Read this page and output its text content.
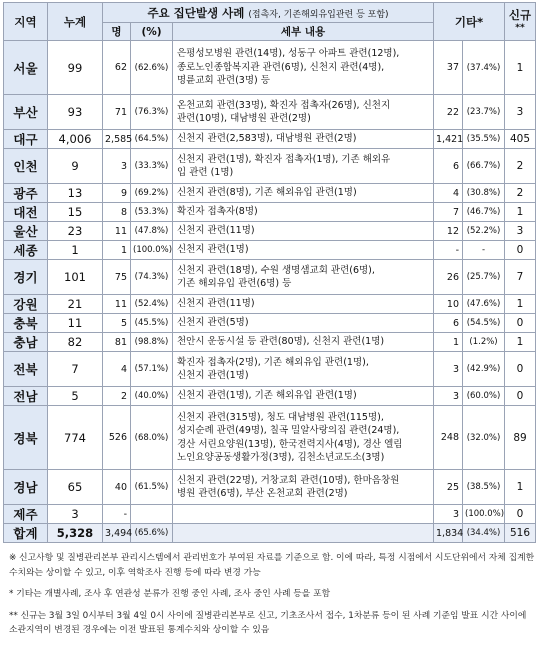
지역	누계	주요 집단발생 사례 (접촉자, 기존해외유입관련 등 포함)			기타*		신규
**

		명	(%)	세부 내용			
서울	99	62	(62.6%)	은평성모병원 관련(14명), 성동구 아파트 관련(12명),
종로노인종합복지관 관련(6명), 신천지 관련(4명),
명륜교회 관련(3명) 등	37	(37.4%)	1
부산	93	71	(76.3%)	온천교회 관련(33명), 확진자 접촉자(26명), 신천지
관련(10명), 대남병원 관련(2명)	22	(23.7%)	3
대구	4,006	2,585	(64.5%)	신천지 관련(2,583명), 대남병원 관련(2명)	1,421	(35.5%)	405
인천	9	3	(33.3%)	신천지 관련(1명), 확진자 접촉자(1명), 기존 해외유
입 관련 (1명)	6	(66.7%)	2
광주	13	9	(69.2%)	신천지 관련(8명), 기존 해외유입 관련(1명)	4	(30.8%)	2
대전	15	8	(53.3%)	확진자 접촉자(8명)	7	(46.7%)	1
울산	23	11	(47.8%)	신천지 관련(11명)	12	(52.2%)	3
세종	1	1	(100.0%)	신천지 관련(1명)	-	-	0
경기	101	75	(74.3%)	신천지 관련(18명), 수원 생명샘교회 관련(6명),
기존 해외유입 관련(6명) 등	26	(25.7%)	7
강원	21	11	(52.4%)	신천지 관련(11명)	10	(47.6%)	1
충북	11	5	(45.5%)	신천지 관련(5명)	6	(54.5%)	0
충남	82	81	(98.8%)	천안시 운동시설 등 관련(80명), 신천지 관련(1명)	1	(1.2%)	1
전북	7	4	(57.1%)	확진자 접촉자(2명), 기존 해외유입 관련(1명),
신천지 관련(1명)	3	(42.9%)	0
전남	5	2	(40.0%)	신천지 관련(1명), 기존 해외유입 관련(1명)	3	(60.0%)	0
경북	774	526	(68.0%)	신천지 관련(315명), 청도 대남병원 관련(115명),
성지순례 관련(49명), 칠곡 밀알사랑의집 관련(24명),
경산 서린요양원(13명), 한국전력지사(4명), 경산 엘림
노인요양공동생활가정(3명), 김천소년교도소(3명)	248	(32.0%)	89
경남	65	40	(61.5%)	신천지 관련(22명), 거창교회 관련(10명), 한마음창원
병원 관련(6명), 부산 온천교회 관련(2명)	25	(38.5%)	1
제주	3	-			3	(100.0%)	0
합계	5,328	3,494	(65.6%)		1,834	(34.4%)	516

※ 신고사항 및 질병관리본부 관리시스템에서 관리번호가 부여된 자료를 기준으로 함. 이에 따라, 특정 시점에서 시도단위에서 자체 집계한 수치와는 상이할 수 있고, 이후 역학조사 진행 등에 따라 변경 가능

* 기타는 개별사례, 조사 후 연관성 분류가 진행 중인 사례, 조사 중인 사례 등을 포함

** 신규는 3월 3일 0시부터 3월 4일 0시 사이에 질병관리본부로 신고, 기초조사서 접수, 1차분류 등이 된 사례 기준임 발표 시간 사이에 소관지역이 변경된 경우에는 이전 발표된 통계수치와 상이할 수 있음
